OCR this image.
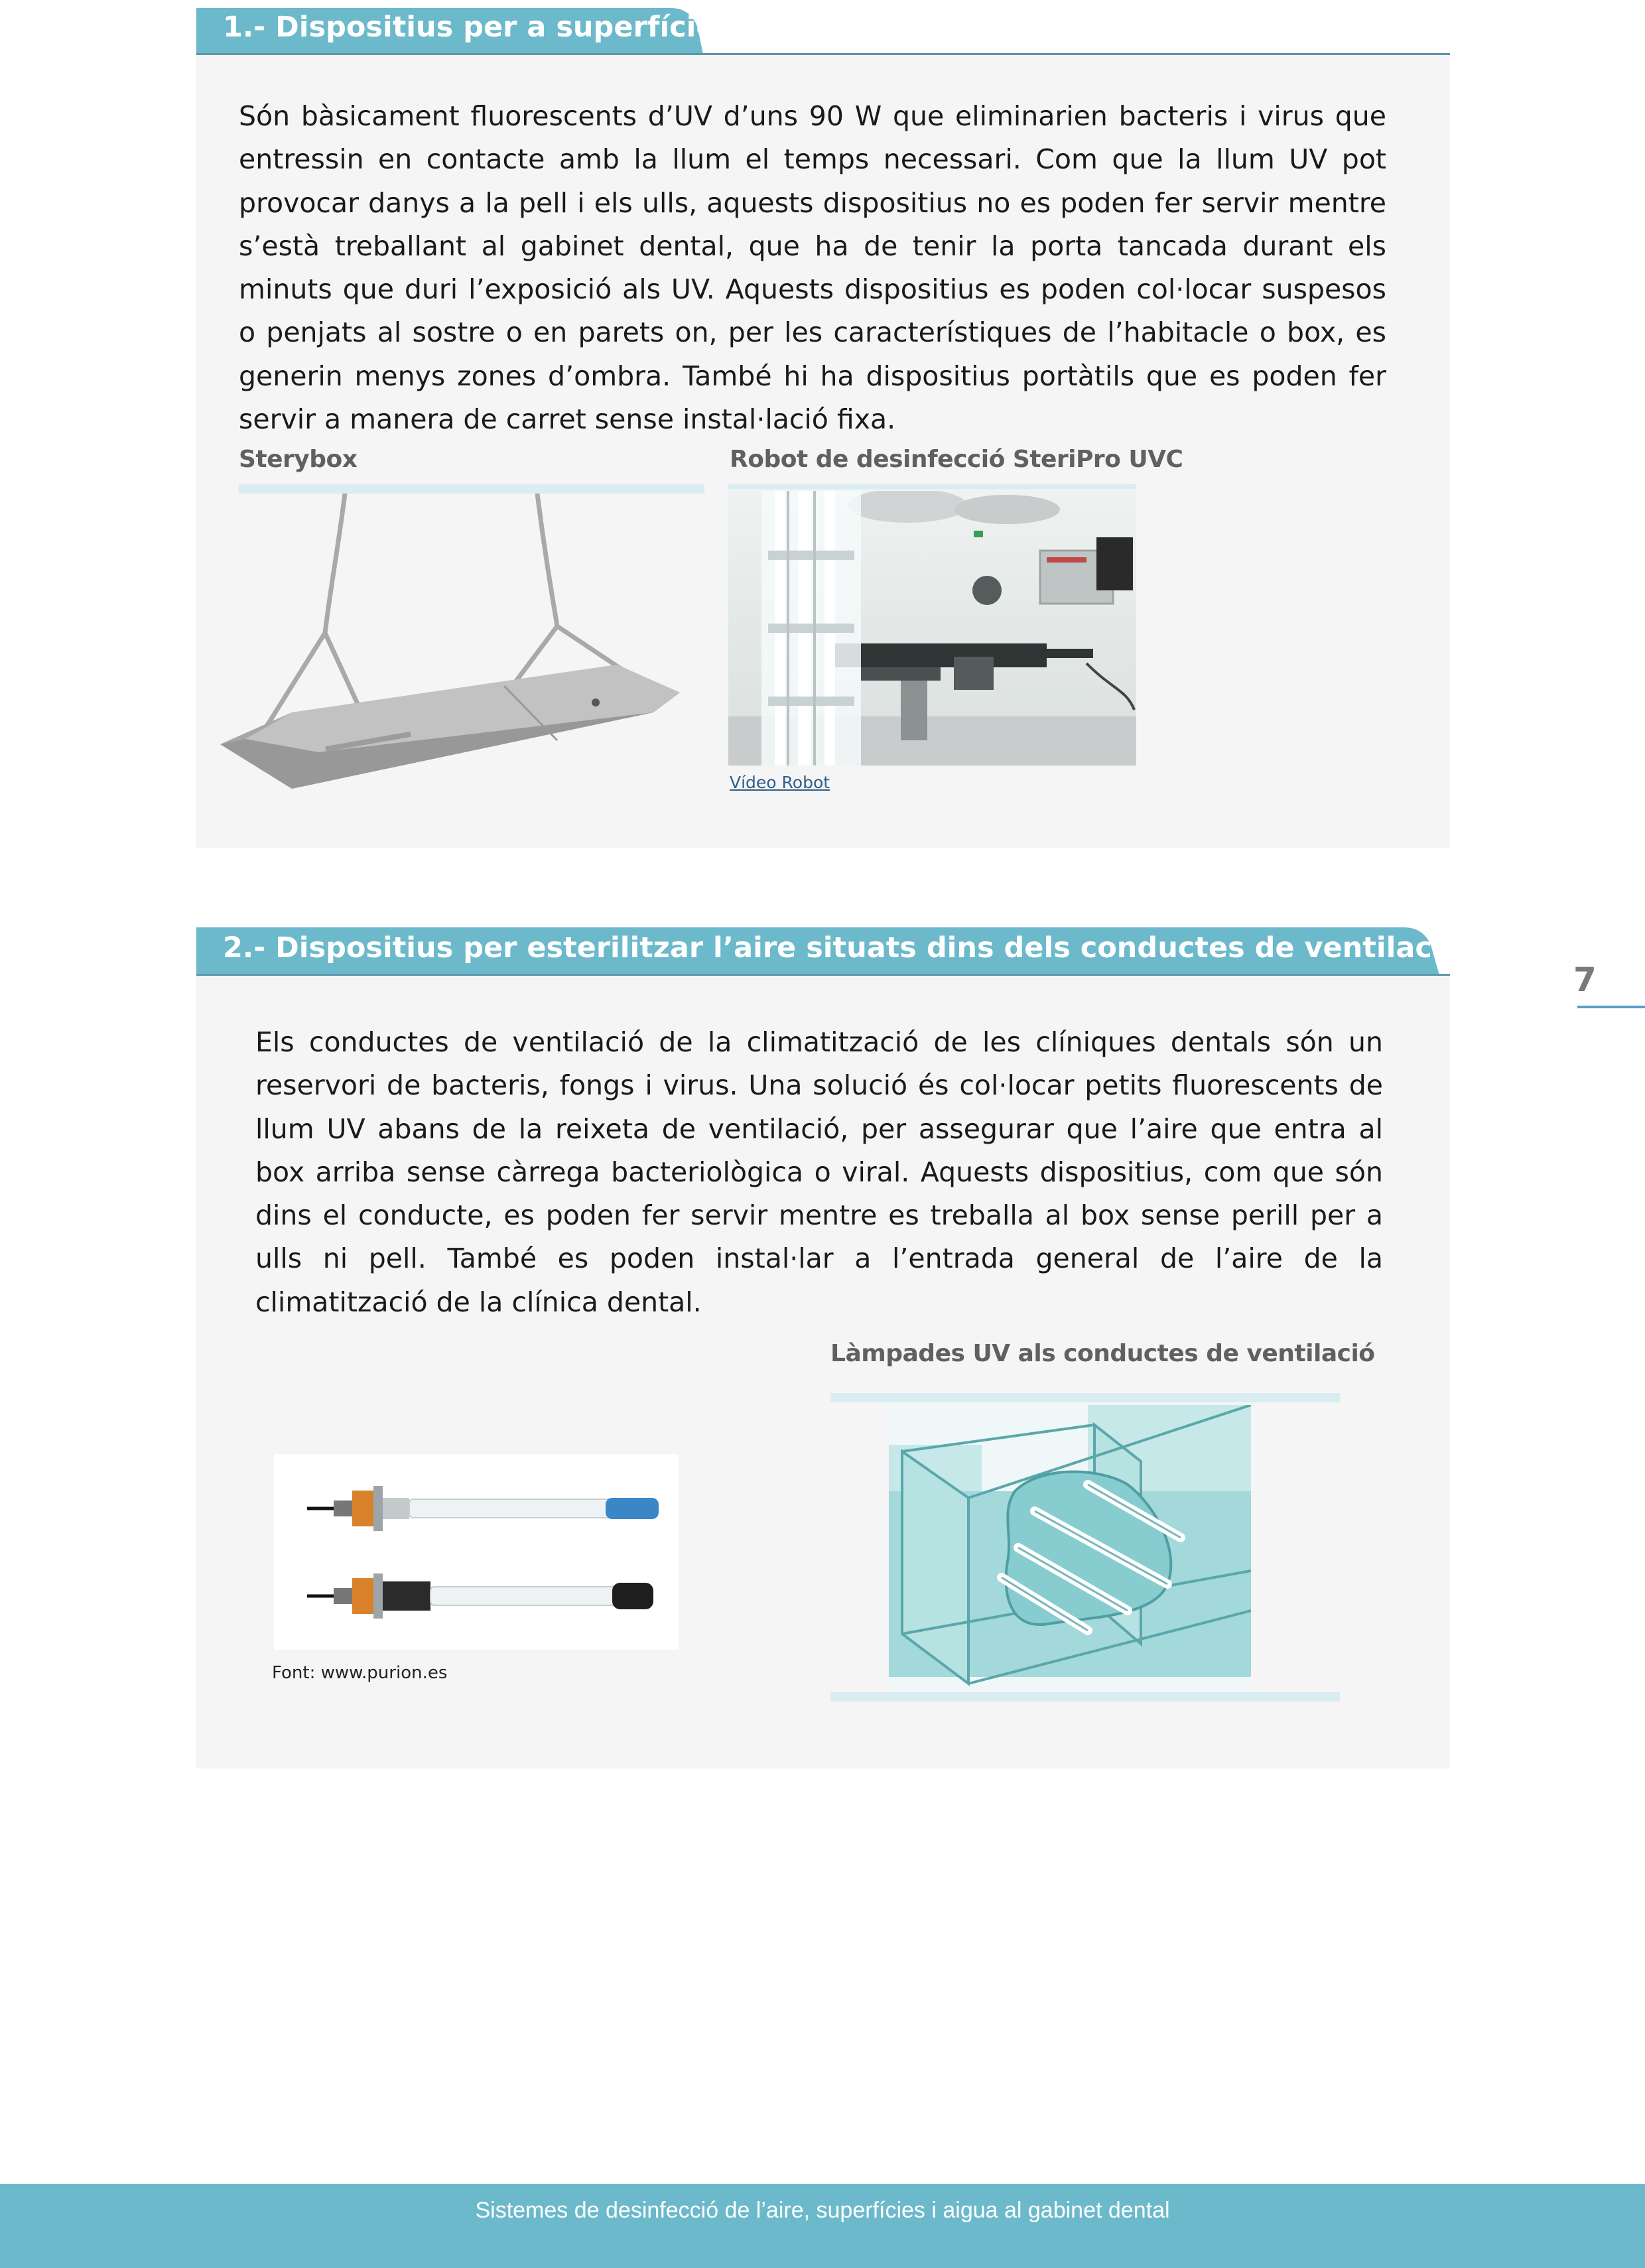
1.- Dispositius per a superfícies:
Són bàsicament fluorescents d’UV d’uns 90 W que eliminarien bacteris i virus que entressin en contacte amb la llum el temps necessari. Com que la llum UV pot provocar danys a la pell i els ulls, aquests dispositius no es poden fer servir mentre s’està treballant al gabinet dental, que ha de tenir la porta tancada durant els minuts que duri l’exposició als UV. Aquests dispositius es poden col·locar suspesos o penjats al sostre o en parets on, per les característiques de l’habitacle o box, es generin menys zones d’ombra. També hi ha dispositius portàtils que es poden fer servir a manera de carret sense instal·lació fixa.
Sterybox	Robot de desinfecció SteriPro UVC
Vídeo Robot
2.- Dispositius per esterilitzar l’aire situats dins dels conductes de ventilació:
Els conductes de ventilació de la climatització de les clíniques dentals són un reservori de bacteris, fongs i virus. Una solució és col·locar petits fluorescents de llum UV abans de la reixeta de ventilació, per assegurar que l’aire que entra al box arriba sense càrrega bacteriològica o viral. Aquests dispositius, com que són dins el conducte, es poden fer servir mentre es treballa al box sense perill per a ulls ni pell. També es poden instal·lar a l’entrada general de l’aire de la climatització de la clínica dental.
Font: www.purion.es
Làmpades UV als conductes de ventilació
7
Sistemes de desinfecció de l’aire, superfícies i aigua al gabinet dental
